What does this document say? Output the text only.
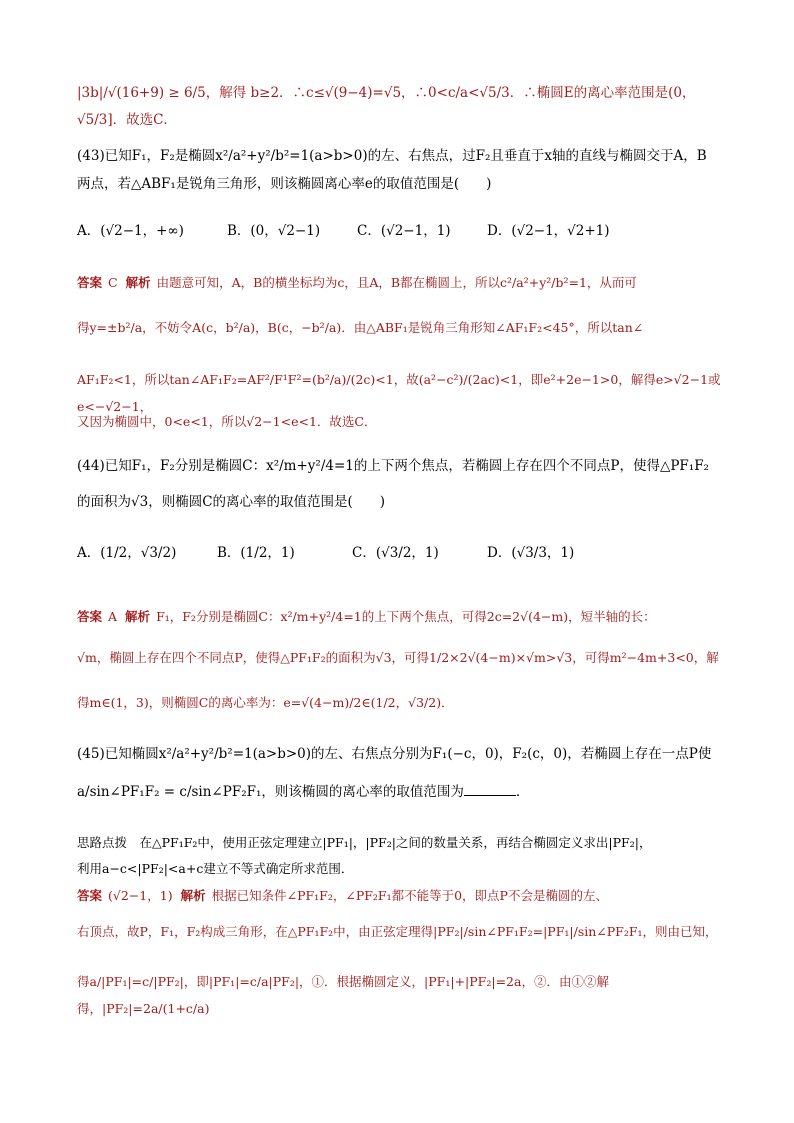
|3b|/√(16+9) ≥ 6/5，解得 b≥2．∴c≤√(9−4)=√5，∴0<c/a<√5/3．∴椭圆E的离心率范围是(0，√5/3]．故选C．
(43)已知F₁，F₂是椭圆x²/a²+y²/b²=1(a>b>0)的左、右焦点，过F₂且垂直于x轴的直线与椭圆交于A，B
两点，若△ABF₁是锐角三角形，则该椭圆离心率e的取值范围是(　　)
A．(√2−1，+∞)	B．(0，√2−1)	C．(√2−1，1)	D．(√2−1，√2+1)
答案 C 解析 由题意可知，A，B的横坐标均为c，且A，B都在椭圆上，所以c²/a²+y²/b²=1，从而可
得y=±b²/a，不妨令A(c，b²/a)，B(c，−b²/a)．由△ABF₁是锐角三角形知∠AF₁F₂<45°，所以tan∠
AF₁F₂<1，所以tan∠AF₁F₂=AF²/F¹F²=(b²/a)/(2c)<1，故(a²−c²)/(2ac)<1，即e²+2e−1>0，解得e>√2−1或e<−√2−1，
又因为椭圆中，0<e<1，所以√2−1<e<1．故选C．
(44)已知F₁，F₂分别是椭圆C：x²/m+y²/4=1的上下两个焦点，若椭圆上存在四个不同点P，使得△PF₁F₂
的面积为√3，则椭圆C的离心率的取值范围是(　　)
A．(1/2，√3/2)	B．(1/2，1)	C．(√3/2，1)	D．(√3/3，1)
答案 A 解析 F₁，F₂分别是椭圆C：x²/m+y²/4=1的上下两个焦点，可得2c=2√(4−m)，短半轴的长：
√m，椭圆上存在四个不同点P，使得△PF₁F₂的面积为√3，可得1/2×2√(4−m)×√m>√3，可得m²−4m+3<0，解
得m∈(1，3)，则椭圆C的离心率为：e=√(4−m)/2∈(1/2，√3/2)．
(45)已知椭圆x²/a²+y²/b²=1(a>b>0)的左、右焦点分别为F₁(−c，0)，F₂(c，0)，若椭圆上存在一点P使
a/sin∠PF₁F₂ = c/sin∠PF₂F₁，则该椭圆的离心率的取值范围为	．
思路点拨　在△PF₁F₂中，使用正弦定理建立|PF₁|，|PF₂|之间的数量关系，再结合椭圆定义求出|PF₂|，
利用a−c<|PF₂|<a+c建立不等式确定所求范围．
答案 (√2−1，1) 解析 根据已知条件∠PF₁F₂，∠PF₂F₁都不能等于0，即点P不会是椭圆的左、
右顶点，故P，F₁，F₂构成三角形，在△PF₁F₂中，由正弦定理得|PF₂|/sin∠PF₁F₂=|PF₁|/sin∠PF₂F₁，则由已知，
得a/|PF₁|=c/|PF₂|，即|PF₁|=c/a|PF₂|，①．根据椭圆定义，|PF₁|+|PF₂|=2a，②．由①②解得，|PF₂|=2a/(1+c/a)
